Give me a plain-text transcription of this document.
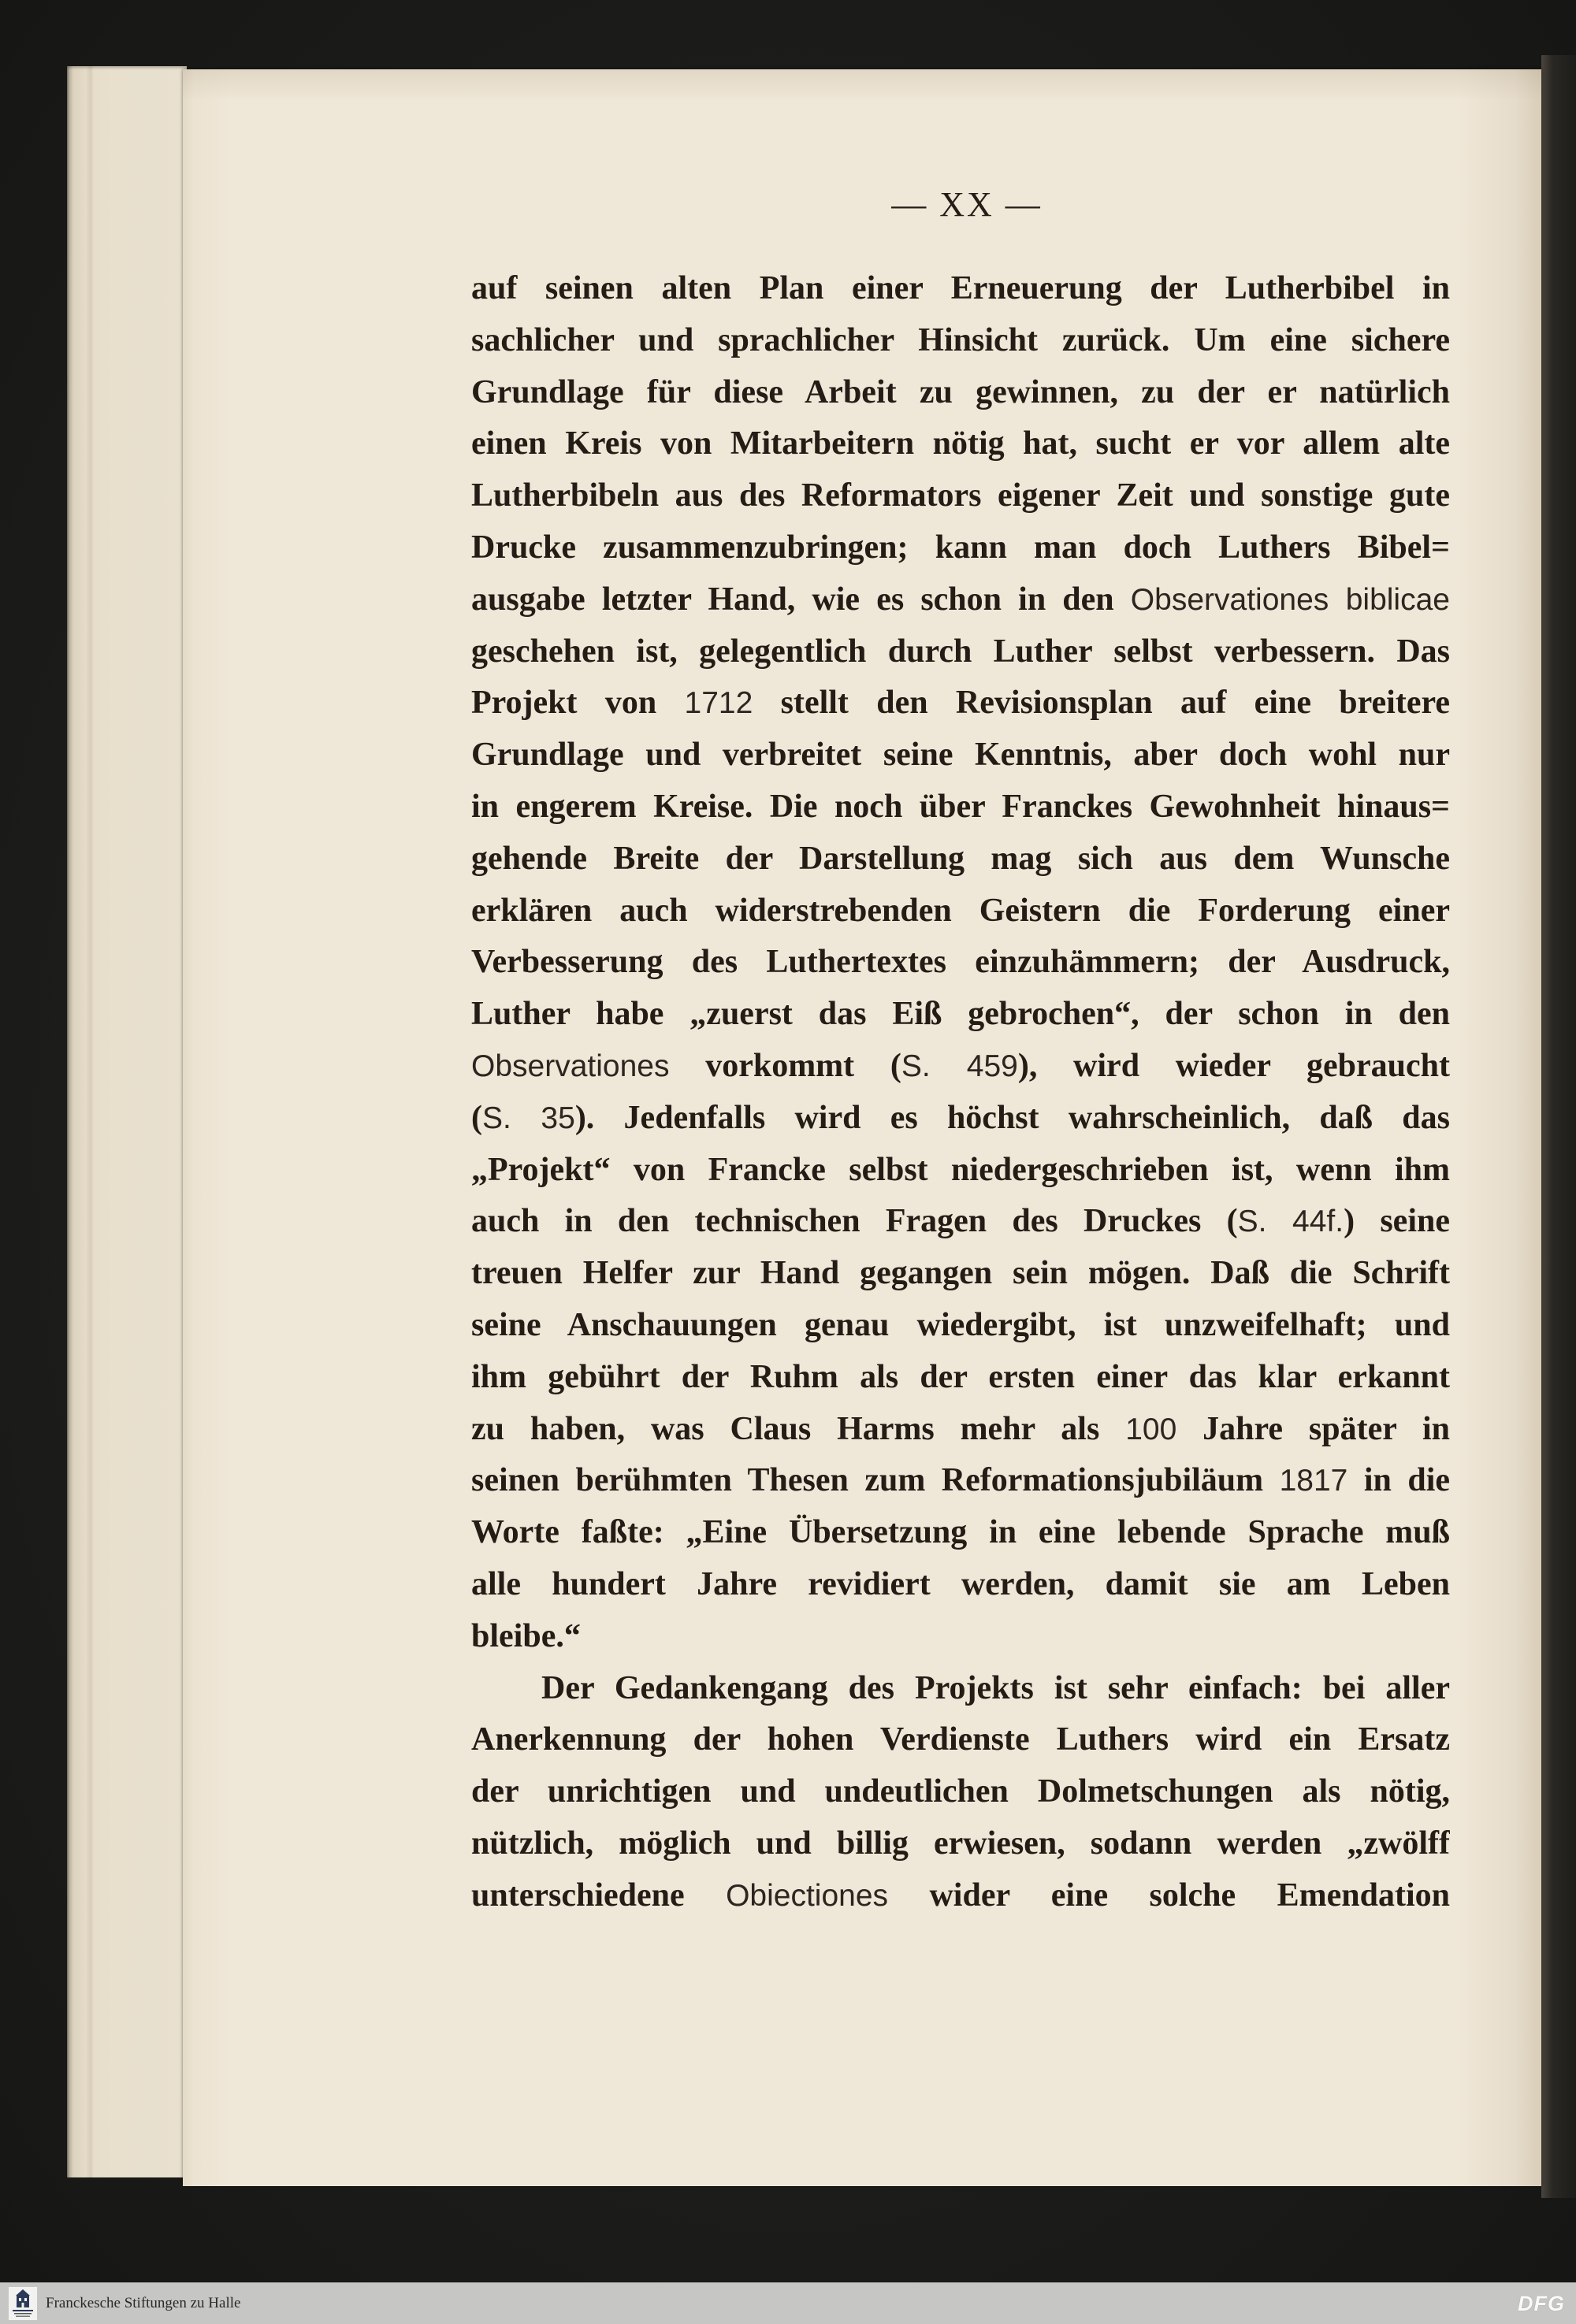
— XX —
auf seinen alten Plan einer Erneuerung der Lutherbibel in
sachlicher und sprachlicher Hinsicht zurück. Um eine sichere
Grundlage für diese Arbeit zu gewinnen, zu der er natürlich
einen Kreis von Mitarbeitern nötig hat, sucht er vor allem alte
Lutherbibeln aus des Reformators eigener Zeit und sonstige gute
Drucke zusammenzubringen; kann man doch Luthers Bibel=
ausgabe letzter Hand, wie es schon in den Observationes biblicae
geschehen ist, gelegentlich durch Luther selbst verbessern. Das
Projekt von 1712 stellt den Revisionsplan auf eine breitere
Grundlage und verbreitet seine Kenntnis, aber doch wohl nur
in engerem Kreise. Die noch über Franckes Gewohnheit hinaus=
gehende Breite der Darstellung mag sich aus dem Wunsche
erklären auch widerstrebenden Geistern die Forderung einer
Verbesserung des Luthertextes einzuhämmern; der Ausdruck,
Luther habe „zuerst das Eiß gebrochen“, der schon in den
Observationes vorkommt (S. 459), wird wieder gebraucht
(S. 35). Jedenfalls wird es höchst wahrscheinlich, daß das
„Projekt“ von Francke selbst niedergeschrieben ist, wenn ihm
auch in den technischen Fragen des Druckes (S. 44f.) seine
treuen Helfer zur Hand gegangen sein mögen. Daß die Schrift
seine Anschauungen genau wiedergibt, ist unzweifelhaft; und
ihm gebührt der Ruhm als der ersten einer das klar erkannt
zu haben, was Claus Harms mehr als 100 Jahre später in
seinen berühmten Thesen zum Reformationsjubiläum 1817 in die
Worte faßte: „Eine Übersetzung in eine lebende Sprache muß
alle hundert Jahre revidiert werden, damit sie am Leben
bleibe.“
Der Gedankengang des Projekts ist sehr einfach: bei aller
Anerkennung der hohen Verdienste Luthers wird ein Ersatz
der unrichtigen und undeutlichen Dolmetschungen als nötig,
nützlich, möglich und billig erwiesen, sodann werden „zwölff
unterschiedene Obiectiones wider eine solche Emendation
Franckesche Stiftungen zu Halle	DFG
